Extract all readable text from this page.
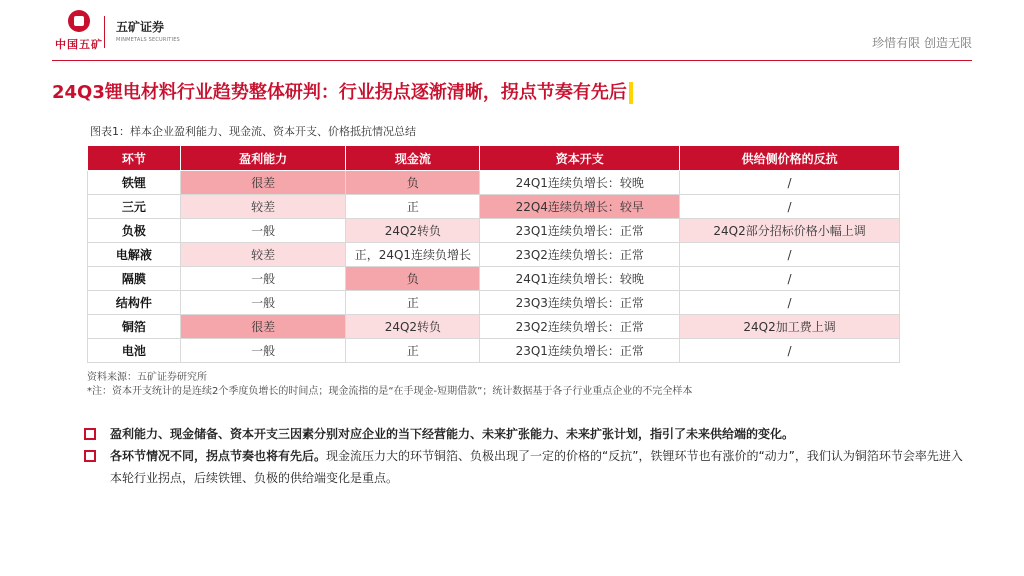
中国五矿
五矿证券
MINMETALS SECURITIES	珍惜有限 创造无限
24Q3锂电材料行业趋势整体研判：行业拐点逐渐清晰，拐点节奏有先后
图表1：样本企业盈利能力、现金流、资本开支、价格抵抗情况总结
环节	盈利能力	现金流	资本开支	供给侧价格的反抗
铁锂	很差	负	24Q1连续负增长：较晚	/
三元	较差	正	22Q4连续负增长：较早	/
负极	一般	24Q2转负	23Q1连续负增长：正常	24Q2部分招标价格小幅上调
电解液	较差	正，24Q1连续负增长	23Q2连续负增长：正常	/
隔膜	一般	负	24Q1连续负增长：较晚	/
结构件	一般	正	23Q3连续负增长：正常	/
铜箔	很差	24Q2转负	23Q2连续负增长：正常	24Q2加工费上调
电池	一般	正	23Q1连续负增长：正常	/
资料来源：五矿证券研究所
*注：资本开支统计的是连续2个季度负增长的时间点；现金流指的是“在手现金-短期借款”；统计数据基于各子行业重点企业的不完全样本
盈利能力、现金储备、资本开支三因素分别对应企业的当下经营能力、未来扩张能力、未来扩张计划，指引了未来供给端的变化。
各环节情况不同，拐点节奏也将有先后。现金流压力大的环节铜箔、负极出现了一定的价格的“反抗”，铁锂环节也有涨价的“动力”，我们认为铜箔环节会率先进入本轮行业拐点，后续铁锂、负极的供给端变化是重点。
